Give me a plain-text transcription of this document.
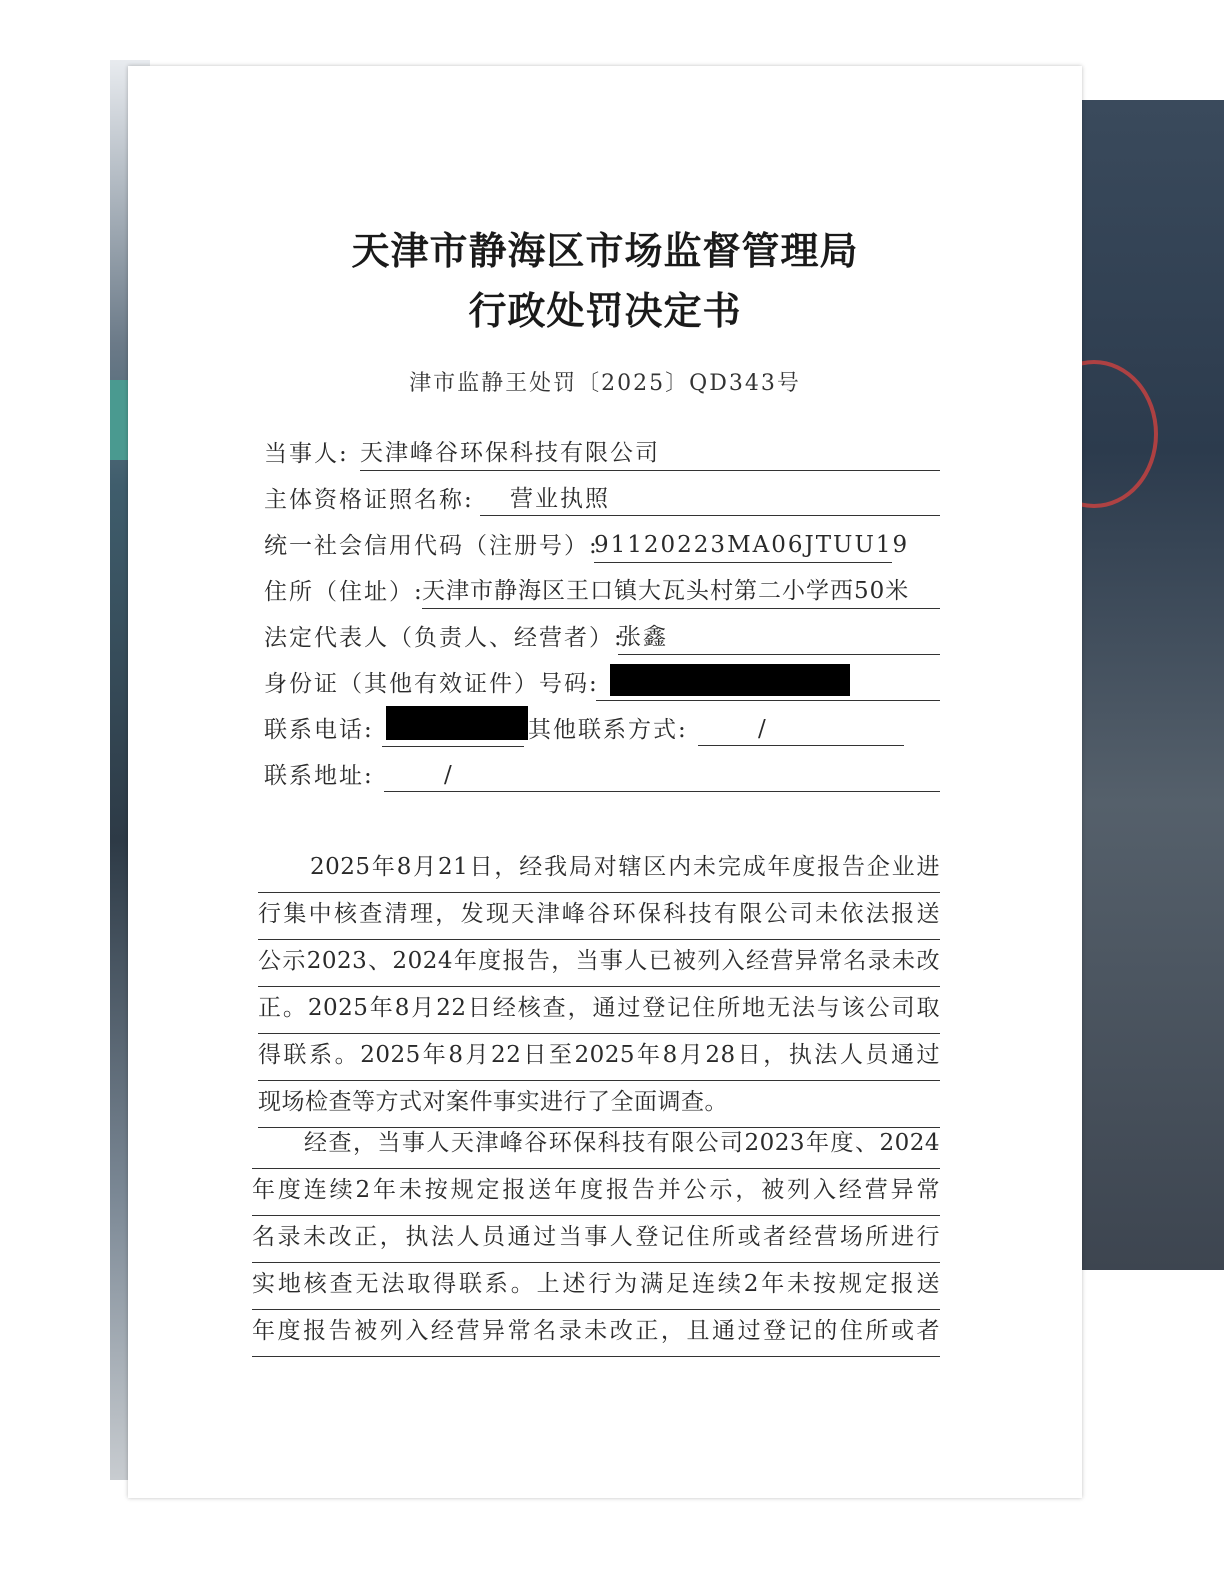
天津市静海区市场监督管理局
行政处罚决定书
津市监静王处罚〔2025〕QD343号
当事人: 天津峰谷环保科技有限公司
主体资格证照名称:	营业执照
统一社会信用代码（注册号）:
91120223MA06JTUU19
住所（住址）:
天津市静海区王口镇大瓦头村第二小学西50米
法定代表人（负责人、经营者）:
张鑫
身份证（其他有效证件）号码:
联系电话:	其他联系方式:	/
联系地址:	/
2025年8月21日，经我局对辖区内未完成年度报告企业进
行集中核查清理，发现天津峰谷环保科技有限公司未依法报送
公示2023、2024年度报告，当事人已被列入经营异常名录未改
正。2025年8月22日经核查，通过登记住所地无法与该公司取
得联系。2025年8月22日至2025年8月28日，执法人员通过
现场检查等方式对案件事实进行了全面调查。
经查，当事人天津峰谷环保科技有限公司2023年度、2024
年度连续2年未按规定报送年度报告并公示，被列入经营异常
名录未改正，执法人员通过当事人登记住所或者经营场所进行
实地核查无法取得联系。上述行为满足连续2年未按规定报送
年度报告被列入经营异常名录未改正，且通过登记的住所或者
